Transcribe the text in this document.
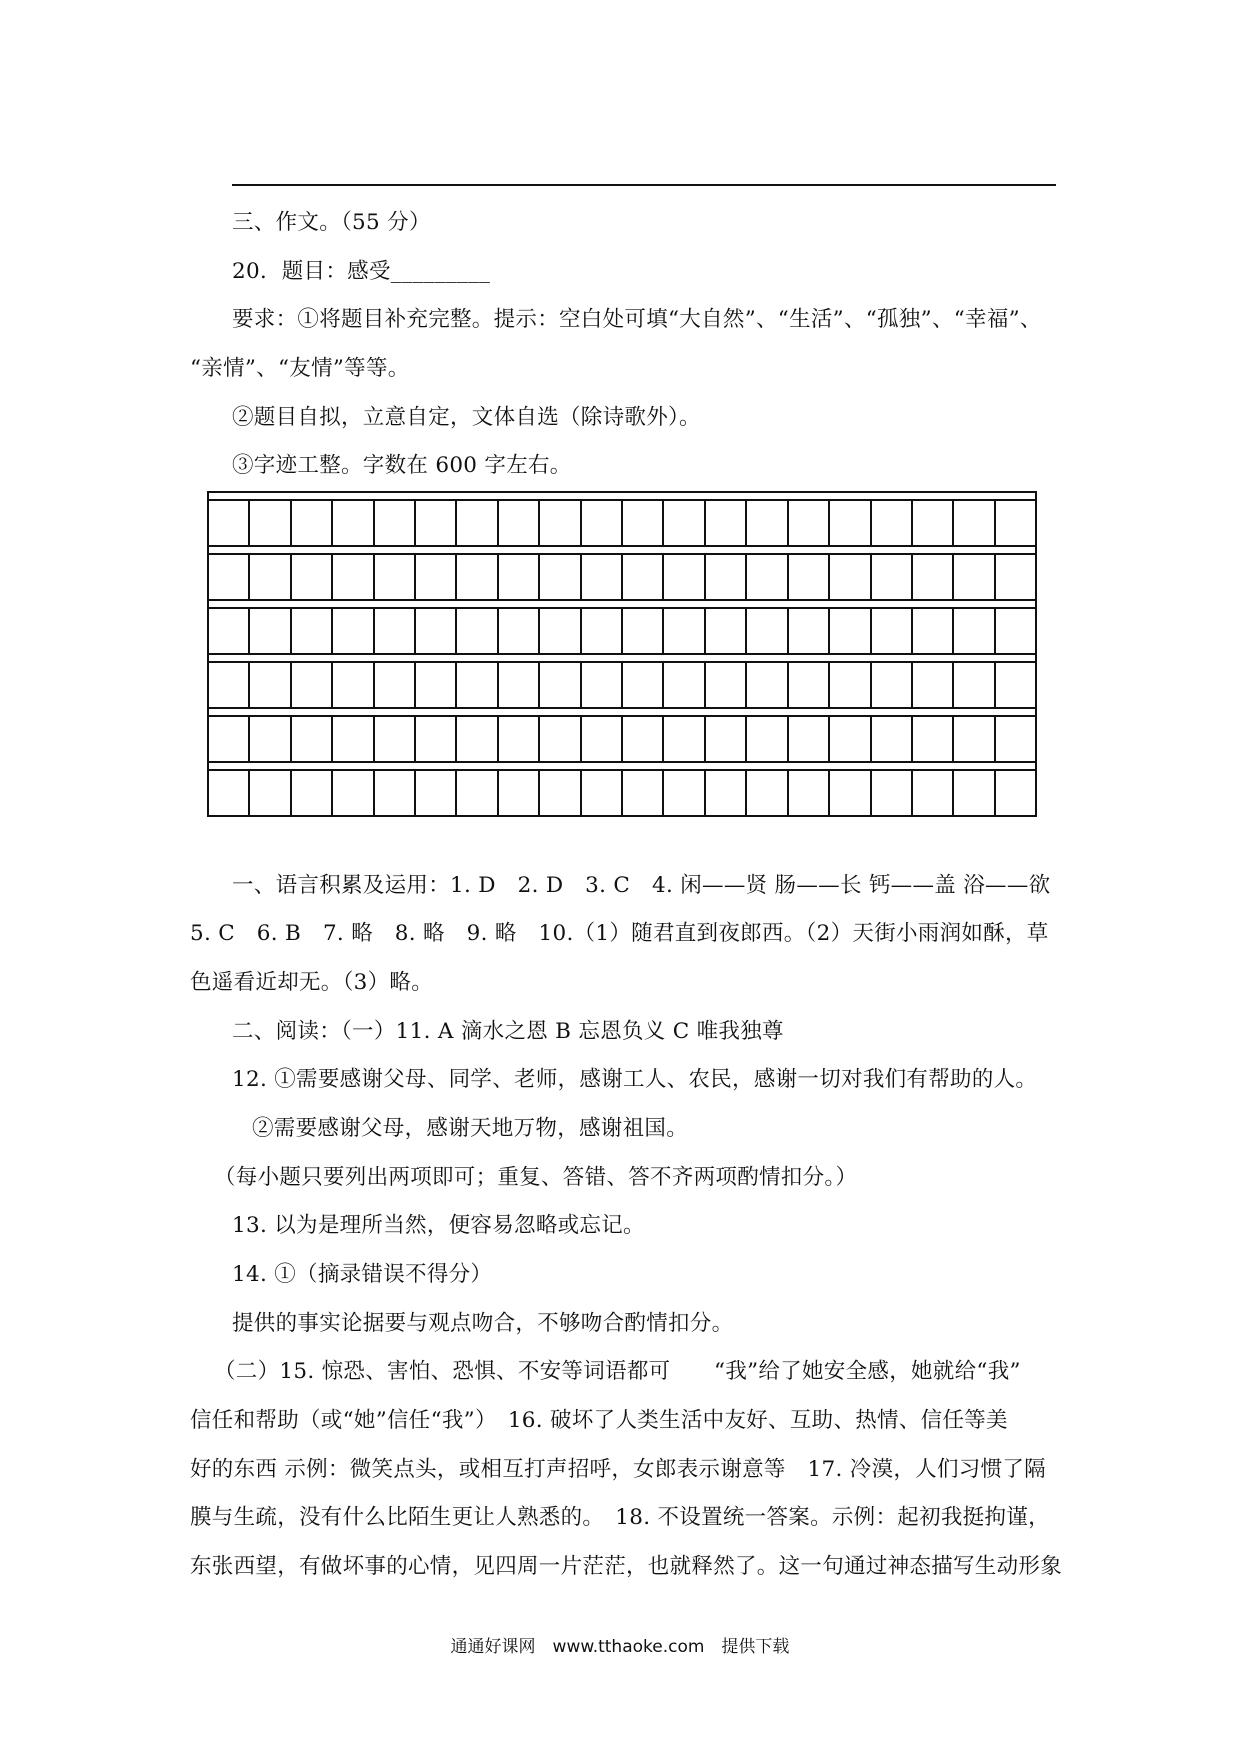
三、作文。（55 分）
20．题目：感受_________
要求：①将题目补充完整。提示：空白处可填“大自然”、“生活”、“孤独”、“幸福”、
“亲情”、“友情”等等。
②题目自拟，立意自定，文体自选（除诗歌外）。
③字迹工整。字数在 600 字左右。
一、语言积累及运用：1. D　2. D　3. C　4. 闲——贤 肠——长 钙——盖 浴——欲
5. C　6. B　7. 略　8. 略　9. 略　10.（1）随君直到夜郎西。（2）天街小雨润如酥，草
色遥看近却无。（3）略。
二、阅读：（一）11. A 滴水之恩 B 忘恩负义 C 唯我独尊
12. ①需要感谢父母、同学、老师，感谢工人、农民，感谢一切对我们有帮助的人。
②需要感谢父母，感谢天地万物，感谢祖国。
（每小题只要列出两项即可；重复、答错、答不齐两项酌情扣分。）
13. 以为是理所当然，便容易忽略或忘记。
14. ①（摘录错误不得分）
提供的事实论据要与观点吻合，不够吻合酌情扣分。
（二）15. 惊恐、害怕、恐惧、不安等词语都可　　“我”给了她安全感，她就给“我”
信任和帮助（或“她”信任“我”）　16. 破坏了人类生活中友好、互助、热情、信任等美
好的东西 示例：微笑点头，或相互打声招呼，女郎表示谢意等　17. 冷漠，人们习惯了隔
膜与生疏，没有什么比陌生更让人熟悉的。　18. 不设置统一答案。示例：起初我挺拘谨，
东张西望，有做坏事的心情，见四周一片茫茫，也就释然了。这一句通过神态描写生动形象
通通好课网　www.tthaoke.com　提供下载
